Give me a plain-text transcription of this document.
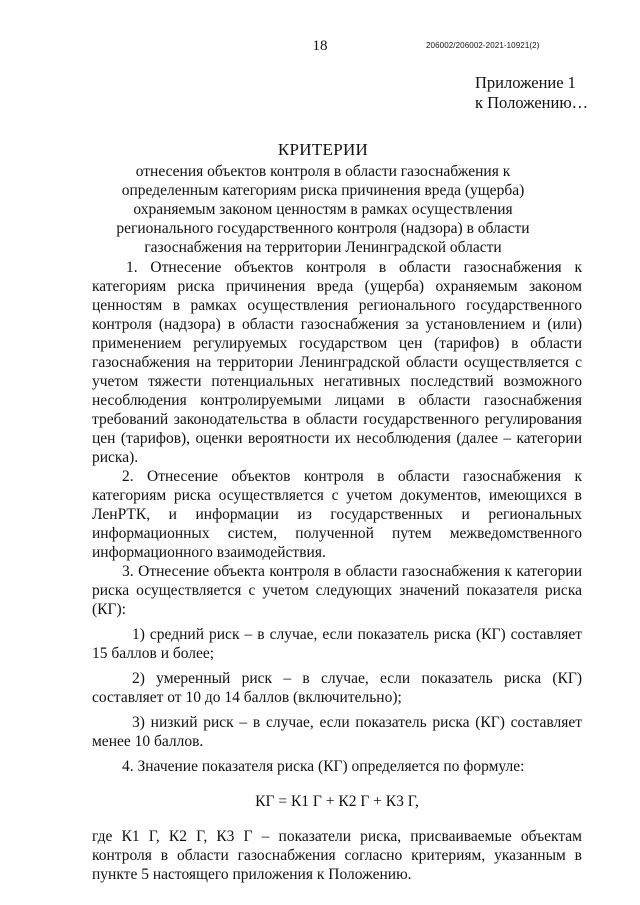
18	206002/206002-2021-10921(2)
Приложение 1
к Положению…
КРИТЕРИИ
отнесения объектов контроля в области газоснабжения к определенным категориям риска причинения вреда (ущерба) охраняемым законом ценностям в рамках осуществления регионального государственного контроля (надзора) в области газоснабжения на территории Ленинградской области

1. Отнесение объектов контроля в области газоснабжения к категориям риска причинения вреда (ущерба) охраняемым законом ценностям в рамках осуществления регионального государственного контроля (надзора) в области газоснабжения за установлением и (или) применением регулируемых государством цен (тарифов) в области газоснабжения на территории Ленинградской области осуществляется с учетом тяжести потенциальных негативных последствий возможного несоблюдения контролируемыми лицами в области газоснабжения требований законодательства в области государственного регулирования цен (тарифов), оценки вероятности их несоблюдения (далее – категории риска).

2. Отнесение объектов контроля в области газоснабжения к категориям риска осуществляется с учетом документов, имеющихся в ЛенРТК, и информации из государственных и региональных информационных систем, полученной путем межведомственного информационного взаимодействия.

3. Отнесение объекта контроля в области газоснабжения к категории риска осуществляется с учетом следующих значений показателя риска (КГ):

1) средний риск – в случае, если показатель риска (КГ) составляет 15 баллов и более;

2) умеренный риск – в случае, если показатель риска (КГ) составляет от 10 до 14 баллов (включительно);

3) низкий риск – в случае, если показатель риска (КГ) составляет менее 10 баллов.

4. Значение показателя риска (КГ) определяется по формуле:

КГ = К1 Г + К2 Г + К3 Г,

где К1 Г, К2 Г, К3 Г – показатели риска, присваиваемые объектам контроля в области газоснабжения согласно критериям, указанным в пункте 5 настоящего приложения к Положению.
